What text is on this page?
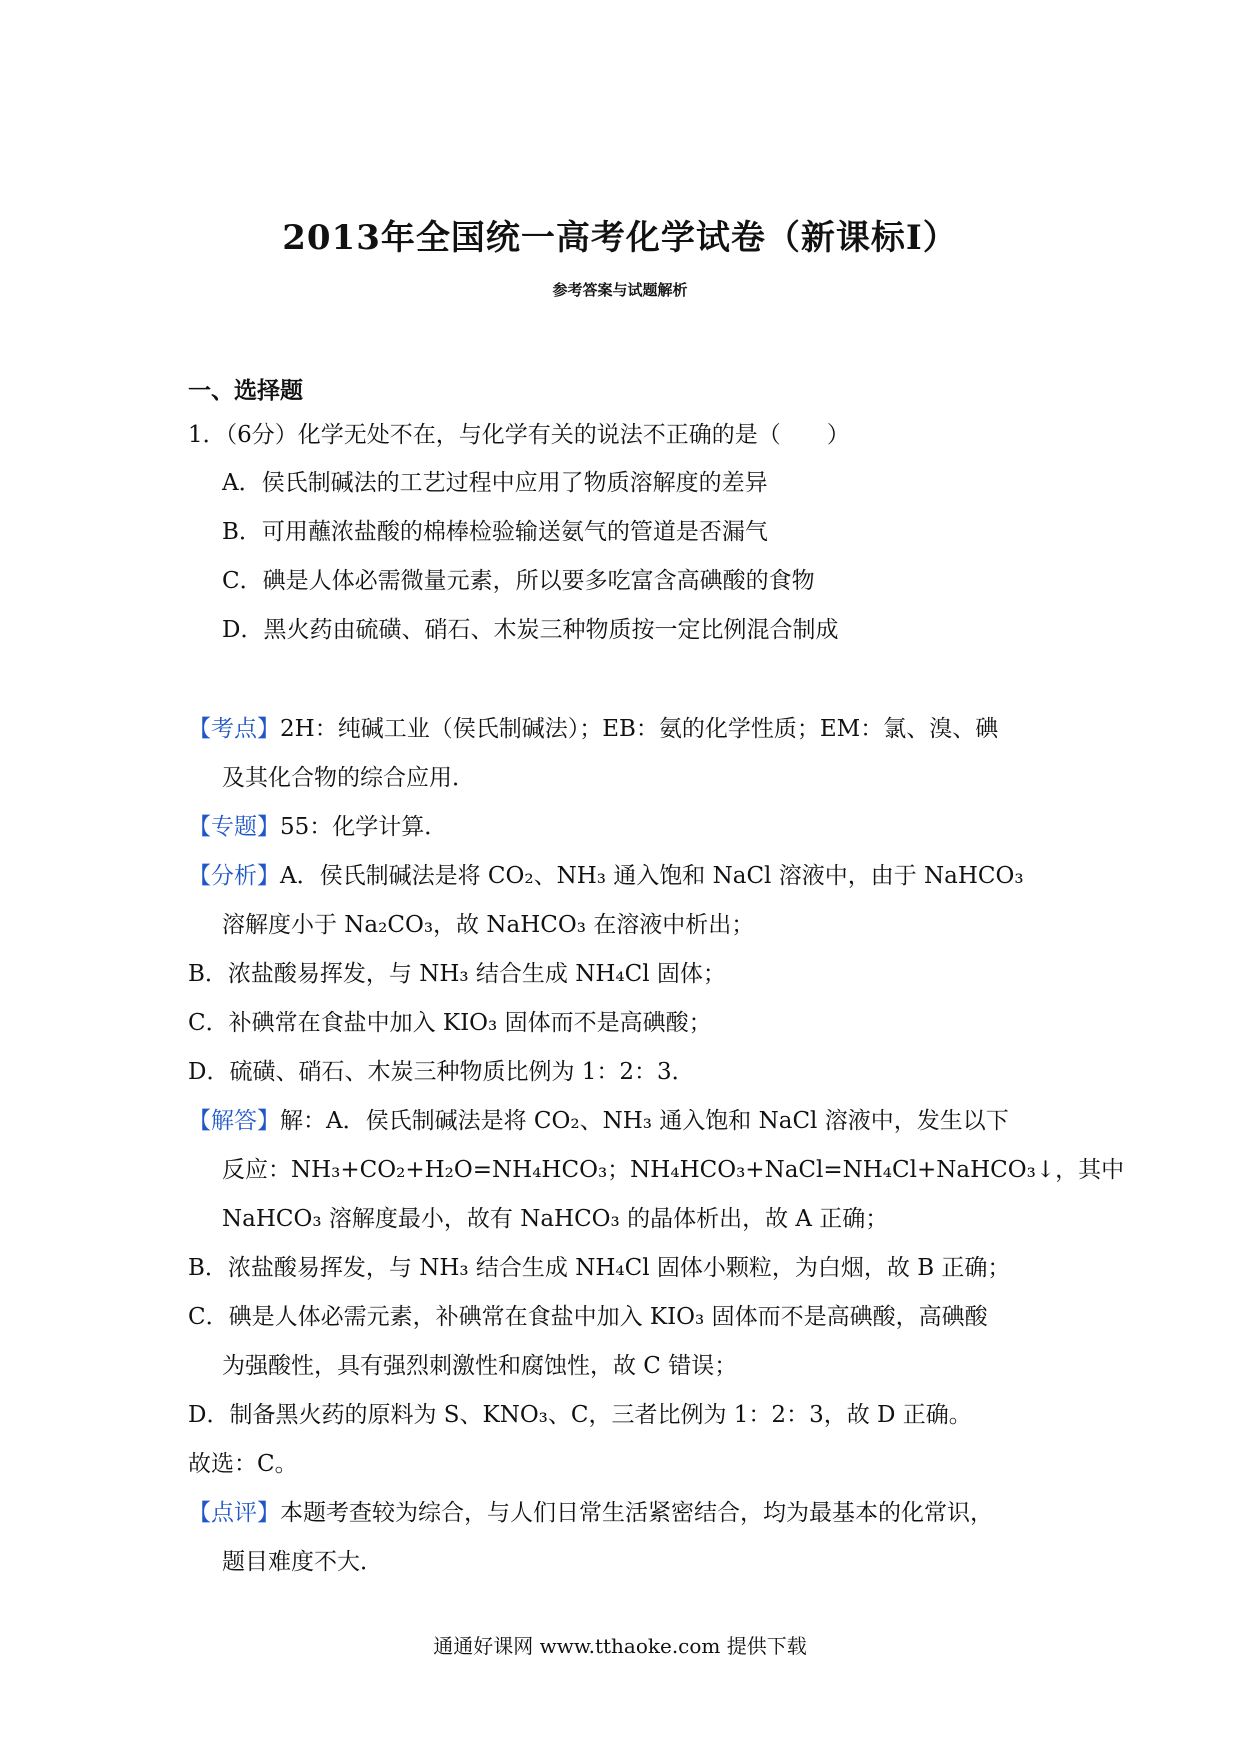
2013年全国统一高考化学试卷（新课标I）
参考答案与试题解析
一、选择题
1．（6分）化学无处不在，与化学有关的说法不正确的是（　　）
A．侯氏制碱法的工艺过程中应用了物质溶解度的差异
B．可用蘸浓盐酸的棉棒检验输送氨气的管道是否漏气
C．碘是人体必需微量元素，所以要多吃富含高碘酸的食物
D．黑火药由硫磺、硝石、木炭三种物质按一定比例混合制成
【考点】2H：纯碱工业（侯氏制碱法）；EB：氨的化学性质；EM：氯、溴、碘
及其化合物的综合应用．
【专题】55：化学计算．
【分析】A．侯氏制碱法是将 CO₂、NH₃ 通入饱和 NaCl 溶液中，由于 NaHCO₃
溶解度小于 Na₂CO₃，故 NaHCO₃ 在溶液中析出；
B．浓盐酸易挥发，与 NH₃ 结合生成 NH₄Cl 固体；
C．补碘常在食盐中加入 KIO₃ 固体而不是高碘酸；
D．硫磺、硝石、木炭三种物质比例为 1：2：3．
【解答】解：A．侯氏制碱法是将 CO₂、NH₃ 通入饱和 NaCl 溶液中，发生以下
反应：NH₃+CO₂+H₂O=NH₄HCO₃；NH₄HCO₃+NaCl=NH₄Cl+NaHCO₃↓，其中
NaHCO₃ 溶解度最小，故有 NaHCO₃ 的晶体析出，故 A 正确；
B．浓盐酸易挥发，与 NH₃ 结合生成 NH₄Cl 固体小颗粒，为白烟，故 B 正确；
C．碘是人体必需元素，补碘常在食盐中加入 KIO₃ 固体而不是高碘酸，高碘酸
为强酸性，具有强烈刺激性和腐蚀性，故 C 错误；
D．制备黑火药的原料为 S、KNO₃、C，三者比例为 1：2：3，故 D 正确。
故选：C。
【点评】本题考查较为综合，与人们日常生活紧密结合，均为最基本的化常识，
题目难度不大．
通通好课网 www.tthaoke.com 提供下载
